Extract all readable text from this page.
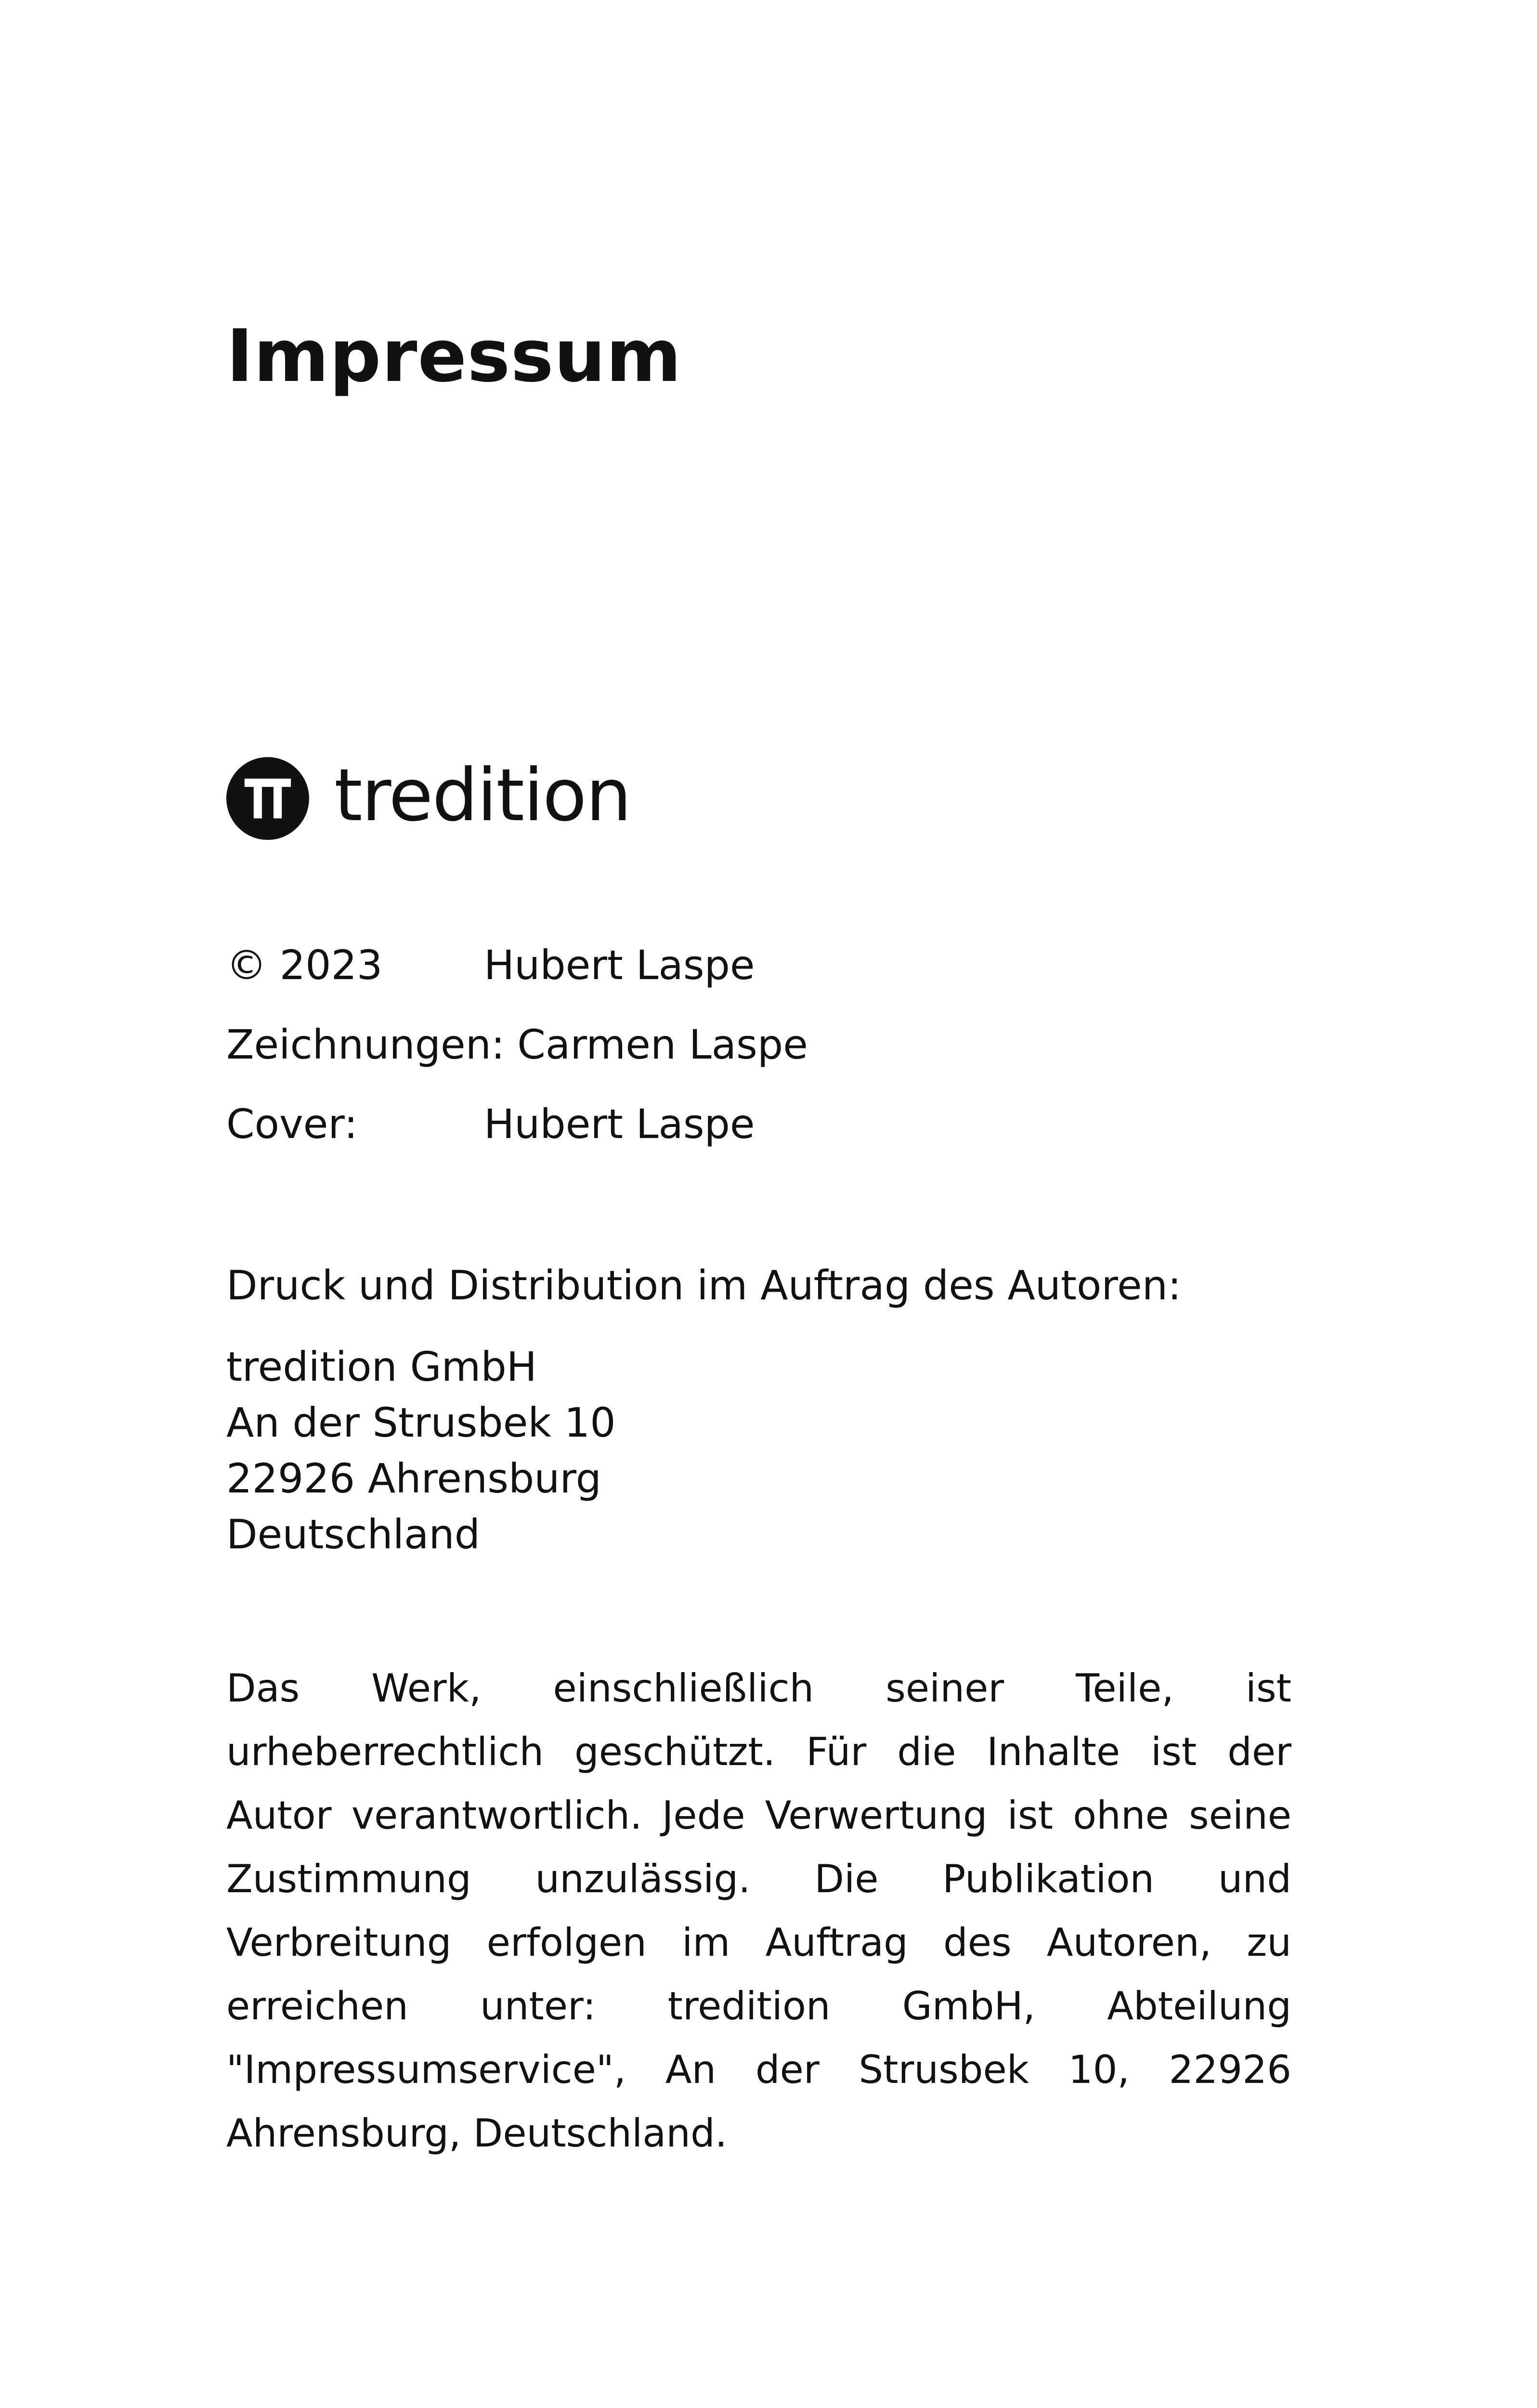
Impressum
tredition
© 2023	Hubert Laspe
Zeichnungen: Carmen Laspe
Cover:	Hubert Laspe
Druck und Distribution im Auftrag des Autoren:
tredition GmbH
An der Strusbek 10
22926 Ahrensburg
Deutschland
Das Werk, einschließlich seiner Teile, ist urheberrechtlich geschützt. Für die Inhalte ist der Autor verantwortlich. Jede Verwertung ist ohne seine Zustimmung unzulässig. Die Publikation und Verbreitung erfolgen im Auftrag des Autoren, zu erreichen unter: tredition GmbH, Abteilung "Impressumservice", An der Strusbek 10, 22926 Ahrensburg, Deutschland.
